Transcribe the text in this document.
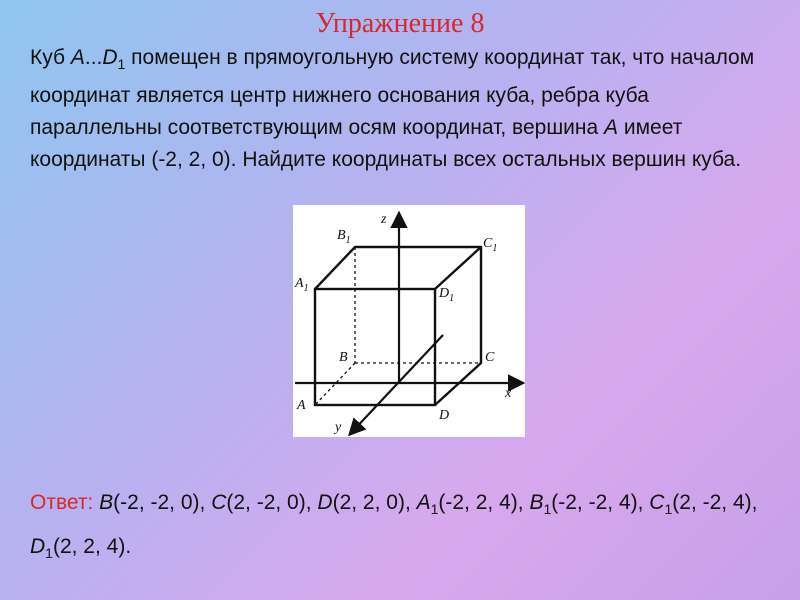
Упражнение 8
Куб $A...D_1$ помещен в прямоугольную систему координат так, что началом координат является центр нижнего основания куба, ребра куба параллельны соответствующим осям координат, вершина A имеет координаты (-2, 2, 0). Найдите координаты всех остальных вершин куба.
z
x
y
$B_1$	$C_1$
$A_1$	$D_1$
B	C
A
D
Ответ: B(-2, -2, 0), C(2, -2, 0), D(2, 2, 0), $A_1(-2$, 2, 4), $B_1(-2$, -2, 4), $C_1(2$, -2, 4), $D_1(2$, 2, 4).
